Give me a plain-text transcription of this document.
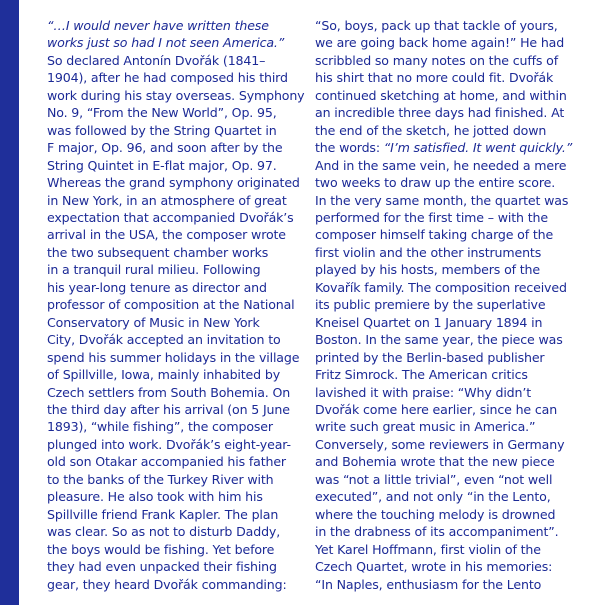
“…I would never have written these
works just so had I not seen America.”
So declared Antonín Dvořák (1841–
1904), after he had composed his third
work during his stay overseas. Symphony
No. 9, “From the New World”, Op. 95,
was followed by the String Quartet in
F major, Op. 96, and soon after by the
String Quintet in E-flat major, Op. 97.
Whereas the grand symphony originated
in New York, in an atmosphere of great
expectation that accompanied Dvořák’s
arrival in the USA, the composer wrote
the two subsequent chamber works
in a tranquil rural milieu. Following
his year-long tenure as director and
professor of composition at the National
Conservatory of Music in New York
City, Dvořák accepted an invitation to
spend his summer holidays in the village
of Spillville, Iowa, mainly inhabited by
Czech settlers from South Bohemia. On
the third day after his arrival (on 5 June
1893), “while fishing”, the composer
plunged into work. Dvořák’s eight-year-
old son Otakar accompanied his father
to the banks of the Turkey River with
pleasure. He also took with him his
Spillville friend Frank Kapler. The plan
was clear. So as not to disturb Daddy,
the boys would be fishing. Yet before
they had even unpacked their fishing
gear, they heard Dvořák commanding:
“So, boys, pack up that tackle of yours,
we are going back home again!” He had
scribbled so many notes on the cuffs of
his shirt that no more could fit. Dvořák
continued sketching at home, and within
an incredible three days had finished. At
the end of the sketch, he jotted down
the words: “I’m satisfied. It went quickly.”
And in the same vein, he needed a mere
two weeks to draw up the entire score.
In the very same month, the quartet was
performed for the first time – with the
composer himself taking charge of the
first violin and the other instruments
played by his hosts, members of the
Kovařík family. The composition received
its public premiere by the superlative
Kneisel Quartet on 1 January 1894 in
Boston. In the same year, the piece was
printed by the Berlin-based publisher
Fritz Simrock. The American critics
lavished it with praise: “Why didn’t
Dvořák come here earlier, since he can
write such great music in America.”
Conversely, some reviewers in Germany
and Bohemia wrote that the new piece
was “not a little trivial”, even “not well
executed”, and not only “in the Lento,
where the touching melody is drowned
in the drabness of its accompaniment”.
Yet Karel Hoffmann, first violin of the
Czech Quartet, wrote in his memories:
“In Naples, enthusiasm for the Lento
